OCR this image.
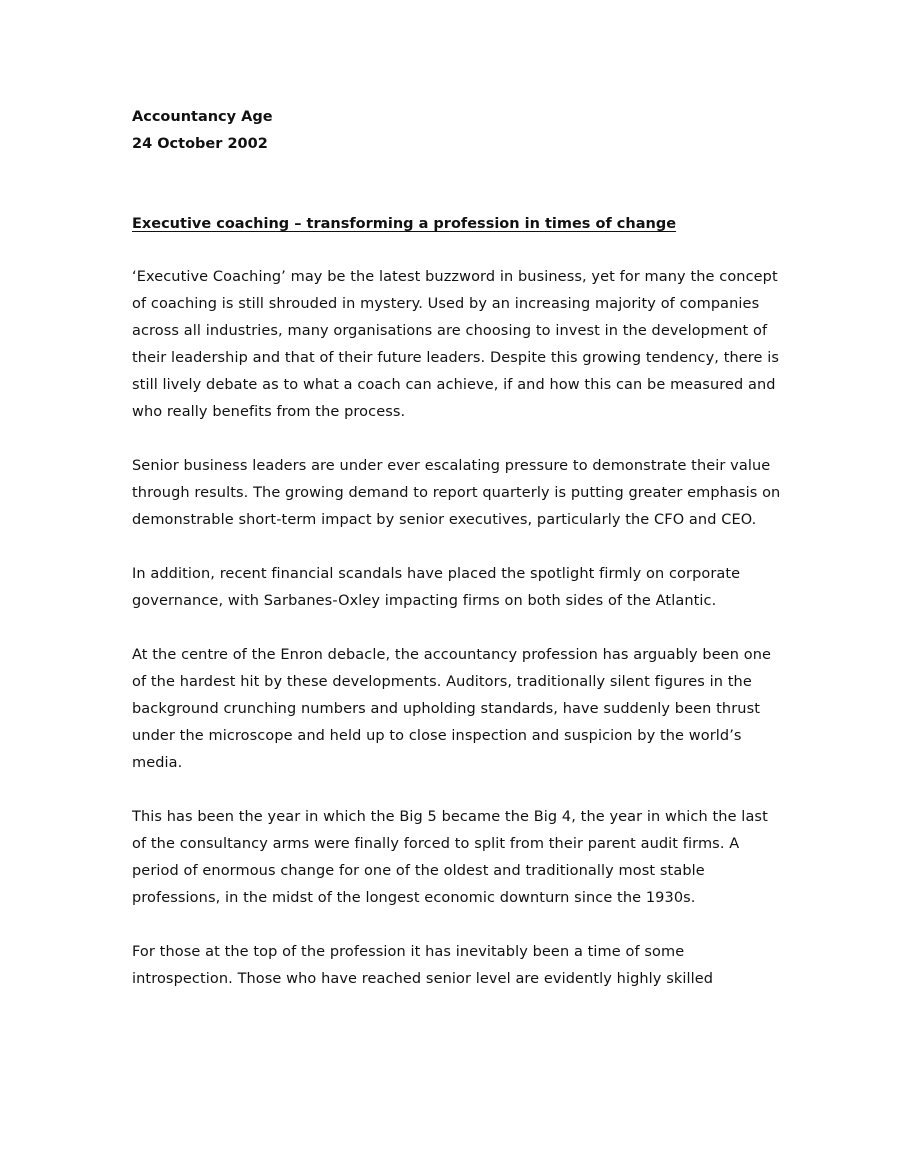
Accountancy Age

24 October 2002

Executive coaching – transforming a profession in times of change

‘Executive Coaching’ may be the latest buzzword in business, yet for many the concept of coaching is still shrouded in mystery. Used by an increasing majority of companies across all industries, many organisations are choosing to invest in the development of their leadership and that of their future leaders. Despite this growing tendency, there is still lively debate as to what a coach can achieve, if and how this can be measured and who really benefits from the process.

Senior business leaders are under ever escalating pressure to demonstrate their value through results. The growing demand to report quarterly is putting greater emphasis on demonstrable short-term impact by senior executives, particularly the CFO and CEO.

In addition, recent financial scandals have placed the spotlight firmly on corporate governance, with Sarbanes-Oxley impacting firms on both sides of the Atlantic.

At the centre of the Enron debacle, the accountancy profession has arguably been one of the hardest hit by these developments. Auditors, traditionally silent figures in the background crunching numbers and upholding standards, have suddenly been thrust under the microscope and held up to close inspection and suspicion by the world’s media.

This has been the year in which the Big 5 became the Big 4, the year in which the last of the consultancy arms were finally forced to split from their parent audit firms. A period of enormous change for one of the oldest and traditionally most stable professions, in the midst of the longest economic downturn since the 1930s.

For those at the top of the profession it has inevitably been a time of some introspection. Those who have reached senior level are evidently highly skilled
